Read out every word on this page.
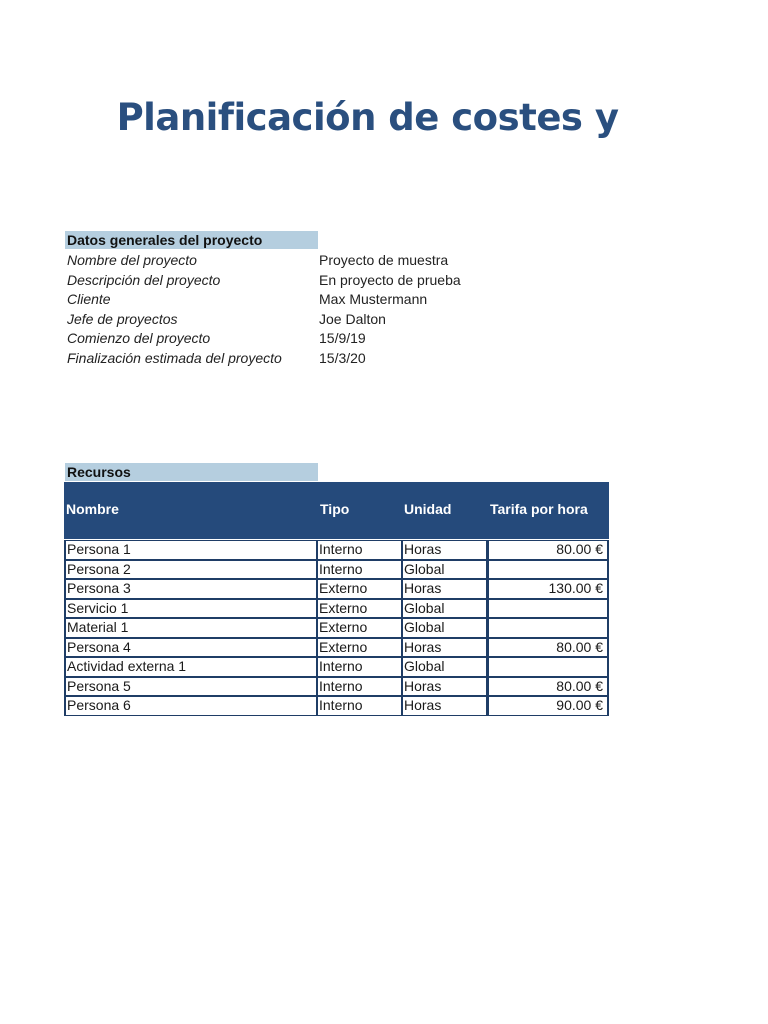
Planificación de costes y
Datos generales del proyecto
Nombre del proyecto	Proyecto de muestra
Descripción del proyecto	En proyecto de prueba
Cliente	Max Mustermann
Jefe de proyectos	Joe Dalton
Comienzo del proyecto	15/9/19
Finalización estimada del proyecto	15/3/20
Recursos
Nombre	Tipo	Unidad	Tarifa por hora
Persona 1	Interno	Horas	80.00 €
Persona 2	Interno	Global
Persona 3	Externo	Horas	130.00 €
Servicio 1	Externo	Global
Material 1	Externo	Global
Persona 4	Externo	Horas	80.00 €
Actividad externa 1	Interno	Global
Persona 5	Interno	Horas	80.00 €
Persona 6	Interno	Horas	90.00 €
